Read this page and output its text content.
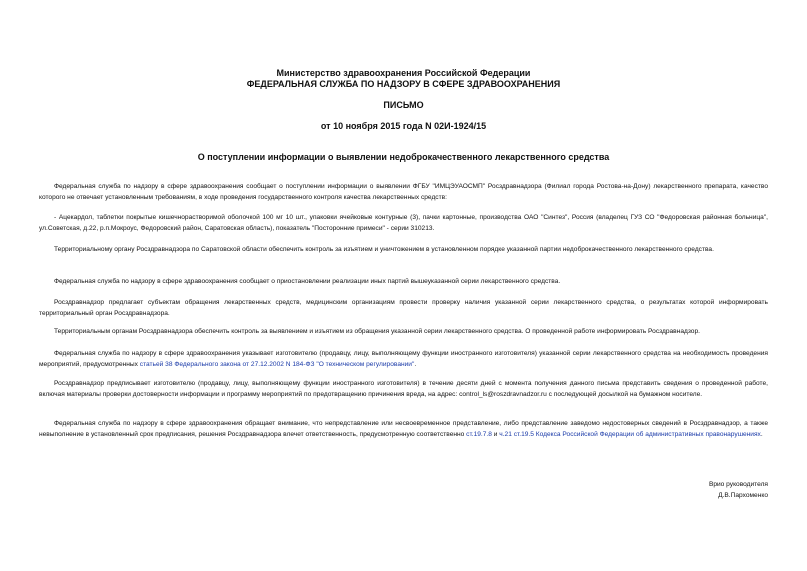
Министерство здравоохранения Российской Федерации
ФЕДЕРАЛЬНАЯ СЛУЖБА ПО НАДЗОРУ В СФЕРЕ ЗДРАВООХРАНЕНИЯ
ПИСЬМО
от 10 ноября 2015 года N 02И-1924/15
О поступлении информации о выявлении недоброкачественного лекарственного средства
Федеральная служба по надзору в сфере здравоохранения сообщает о поступлении информации о выявлении ФГБУ "ИМЦЭУАОСМП" Росздравнадзора (Филиал города Ростова-на-Дону) лекарственного препарата, качество которого не отвечает установленным требованиям, в ходе проведения государственного контроля качества лекарственных средств:
- Ацекардол, таблетки покрытые кишечнорастворимой оболочкой 100 мг 10 шт., упаковки ячейковые контурные (3), пачки картонные, производства ОАО "Синтез", Россия (владелец ГУЗ СО "Федоровская районная больница", ул.Советская, д.22, р.п.Мокроус, Федоровский район, Саратовская область), показатель "Посторонние примеси" - серии 310213.
Территориальному органу Росздравнадзора по Саратовской области обеспечить контроль за изъятием и уничтожением в установленном порядке указанной партии недоброкачественного лекарственного средства.
Федеральная служба по надзору в сфере здравоохранения сообщает о приостановлении реализации иных партий вышеуказанной серии лекарственного средства.
Росздравнадзор предлагает субъектам обращения лекарственных средств, медицинским организациям провести проверку наличия указанной серии лекарственного средства, о результатах которой информировать территориальный орган Росздравнадзора.
Территориальным органам Росздравнадзора обеспечить контроль за выявлением и изъятием из обращения указанной серии лекарственного средства. О проведенной работе информировать Росздравнадзор.
Федеральная служба по надзору в сфере здравоохранения указывает изготовителю (продавцу, лицу, выполняющему функции иностранного изготовителя) указанной серии лекарственного средства на необходимость проведения мероприятий, предусмотренных статьей 38 Федерального закона от 27.12.2002 N 184-ФЗ "О техническом регулировании".
Росздравнадзор предписывает изготовителю (продавцу, лицу, выполняющему функции иностранного изготовителя) в течение десяти дней с момента получения данного письма представить сведения о проведенной работе, включая материалы проверки достоверности информации и программу мероприятий по предотвращению причинения вреда, на адрес: control_ls@roszdravnadzor.ru с последующей досылкой на бумажном носителе.
Федеральная служба по надзору в сфере здравоохранения обращает внимание, что непредставление или несвоевременное представление, либо представление заведомо недостоверных сведений в Росздравнадзор, а также невыполнение в установленный срок предписания, решения Росздравнадзора влечет ответственность, предусмотренную соответственно ст.19.7.8 и ч.21 ст.19.5 Кодекса Российской Федерации об административных правонарушениях.
Врио руководителя
Д.В.Пархоменко
